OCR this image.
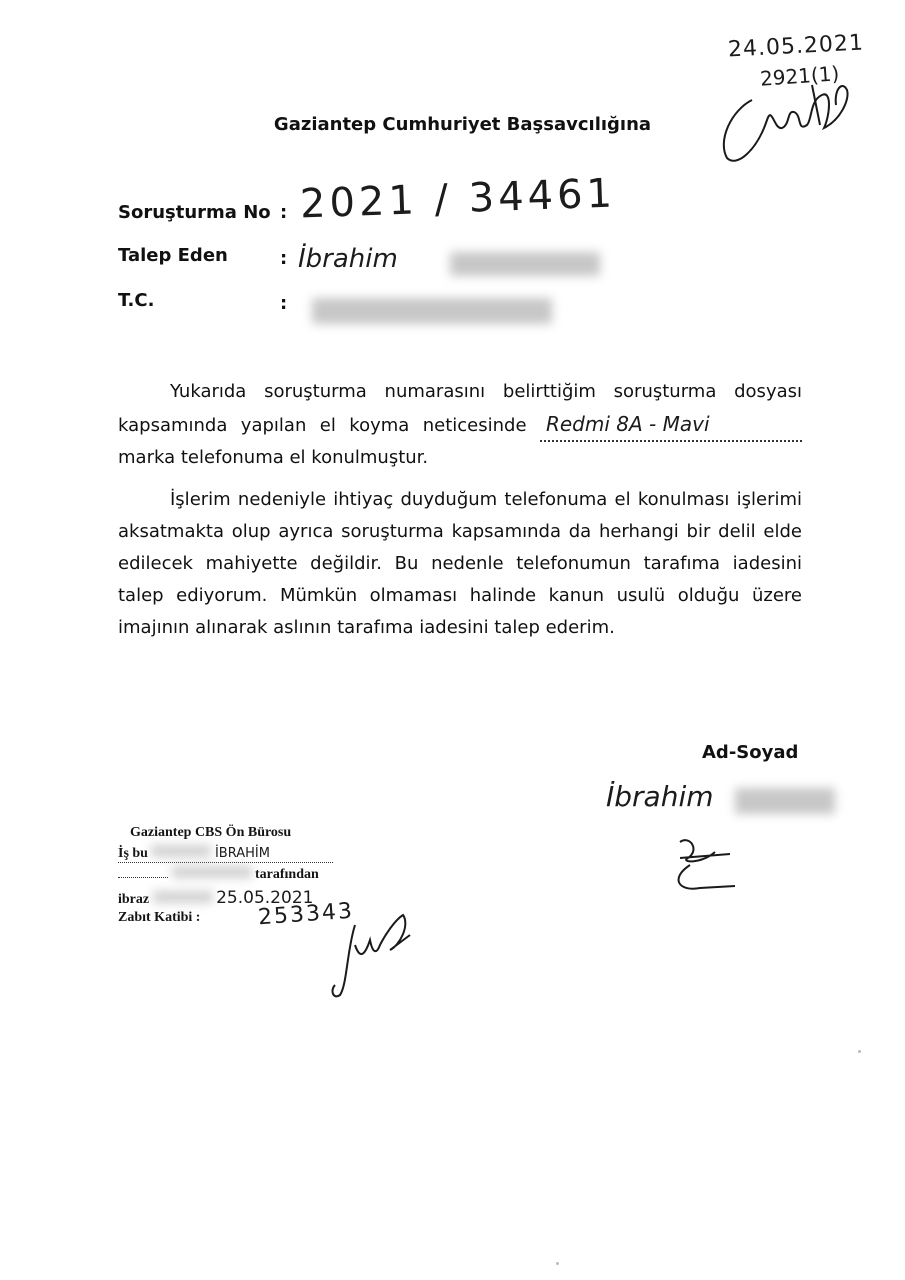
24.05.2021
2921(1)
Gaziantep Cumhuriyet Başsavcılığına
Soruşturma No : 2021 / 34461
Talep Eden	: İbrahim
T.C.	:
Yukarıda soruşturma numarasını belirttiğim soruşturma dosyası kapsamında yapılan el koyma neticesinde Redmi 8A - Mavi marka telefonuma el konulmuştur.
İşlerim nedeniyle ihtiyaç duyduğum telefonuma el konulması işlerimi aksatmakta olup ayrıca soruşturma kapsamında da herhangi bir delil elde edilecek mahiyette değildir. Bu nedenle telefonumun tarafıma iadesini talep ediyorum. Mümkün olmaması halinde kanun usulü olduğu üzere imajının alınarak aslının tarafıma iadesini talep ederim.
Ad-Soyad
İbrahim
Gaziantep CBS Ön Bürosu
İş bu	İBRAHİM
tarafından
ibraz	25.05.2021
Zabıt Katibi :	253343
